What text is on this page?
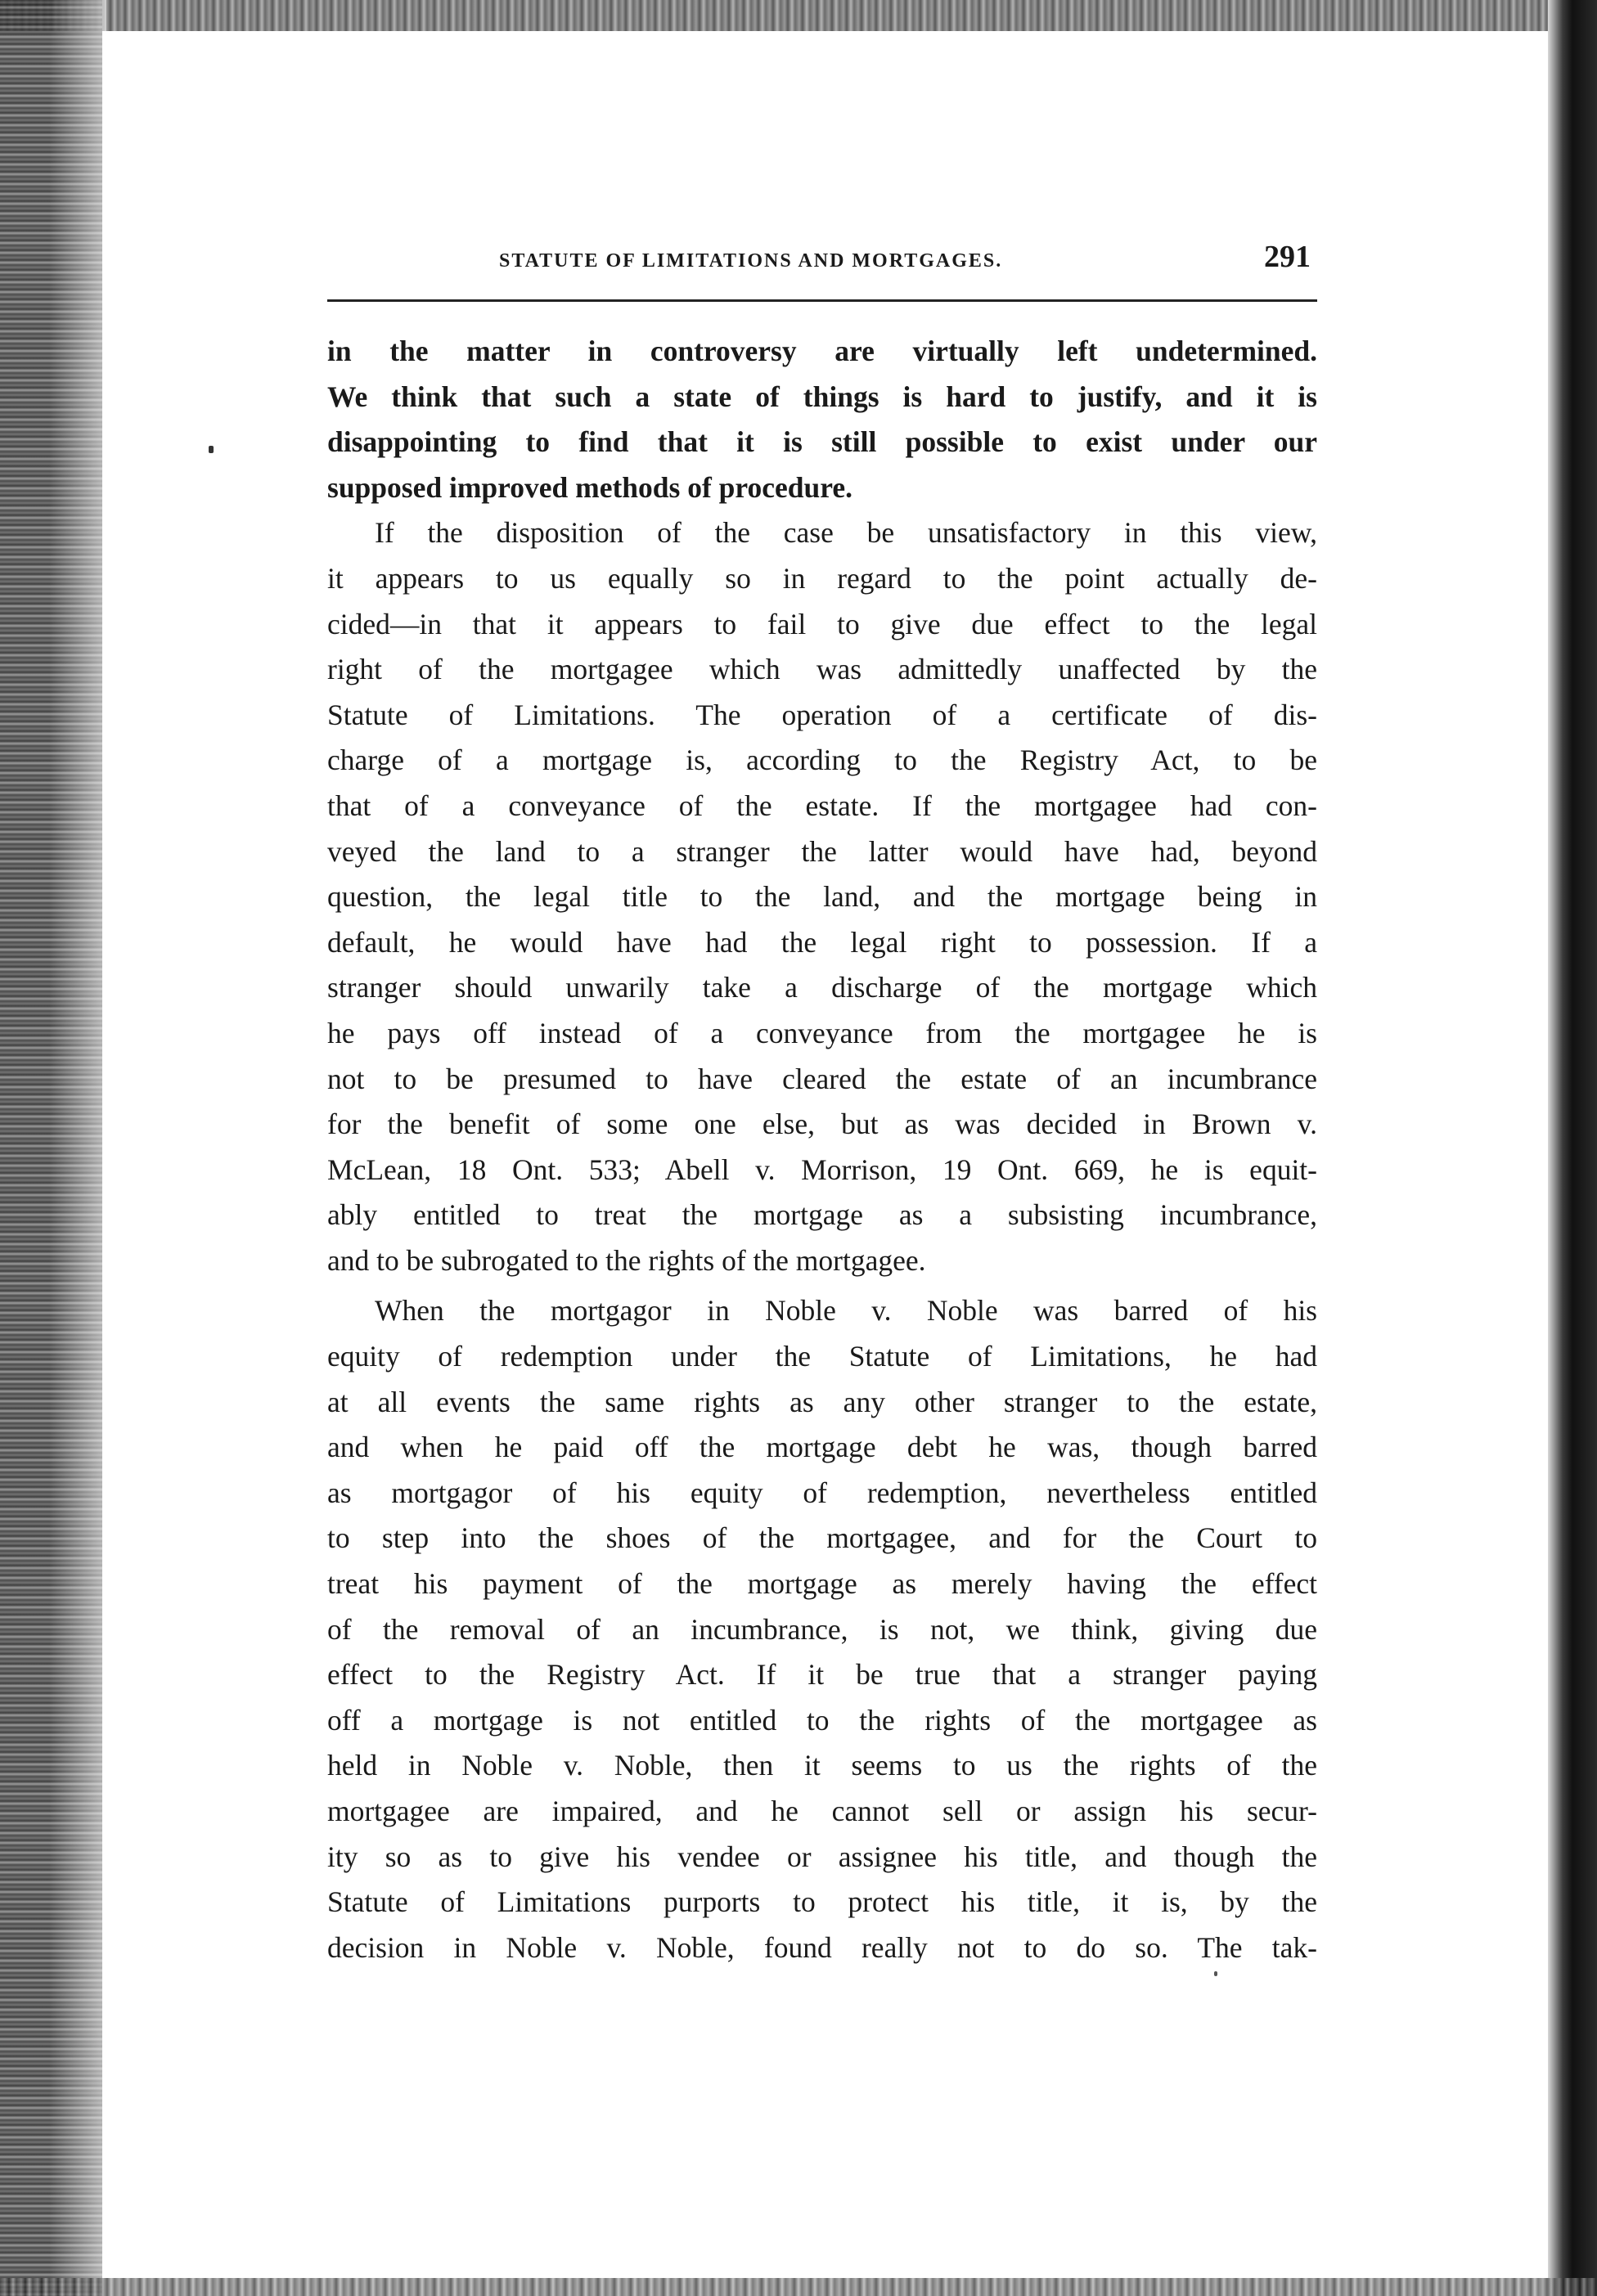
STATUTE OF LIMITATIONS AND MORTGAGES.	291
in the matter in controversy are virtually left undetermined.
We think that such a state of things is hard to justify, and it is
disappointing to find that it is still possible to exist under our
supposed improved methods of procedure.
If the disposition of the case be unsatisfactory in this view,
it appears to us equally so in regard to the point actually de-
cided—in that it appears to fail to give due effect to the legal
right of the mortgagee which was admittedly unaffected by the
Statute of Limitations. The operation of a certificate of dis-
charge of a mortgage is, according to the Registry Act, to be
that of a conveyance of the estate. If the mortgagee had con-
veyed the land to a stranger the latter would have had, beyond
question, the legal title to the land, and the mortgage being in
default, he would have had the legal right to possession. If a
stranger should unwarily take a discharge of the mortgage which
he pays off instead of a conveyance from the mortgagee he is
not to be presumed to have cleared the estate of an incumbrance
for the benefit of some one else, but as was decided in Brown v.
McLean, 18 Ont. 533; Abell v. Morrison, 19 Ont. 669, he is equit-
ably entitled to treat the mortgage as a subsisting incumbrance,
and to be subrogated to the rights of the mortgagee.
When the mortgagor in Noble v. Noble was barred of his
equity of redemption under the Statute of Limitations, he had
at all events the same rights as any other stranger to the estate,
and when he paid off the mortgage debt he was, though barred
as mortgagor of his equity of redemption, nevertheless entitled
to step into the shoes of the mortgagee, and for the Court to
treat his payment of the mortgage as merely having the effect
of the removal of an incumbrance, is not, we think, giving due
effect to the Registry Act. If it be true that a stranger paying
off a mortgage is not entitled to the rights of the mortgagee as
held in Noble v. Noble, then it seems to us the rights of the
mortgagee are impaired, and he cannot sell or assign his secur-
ity so as to give his vendee or assignee his title, and though the
Statute of Limitations purports to protect his title, it is, by the
decision in Noble v. Noble, found really not to do so. The tak-
